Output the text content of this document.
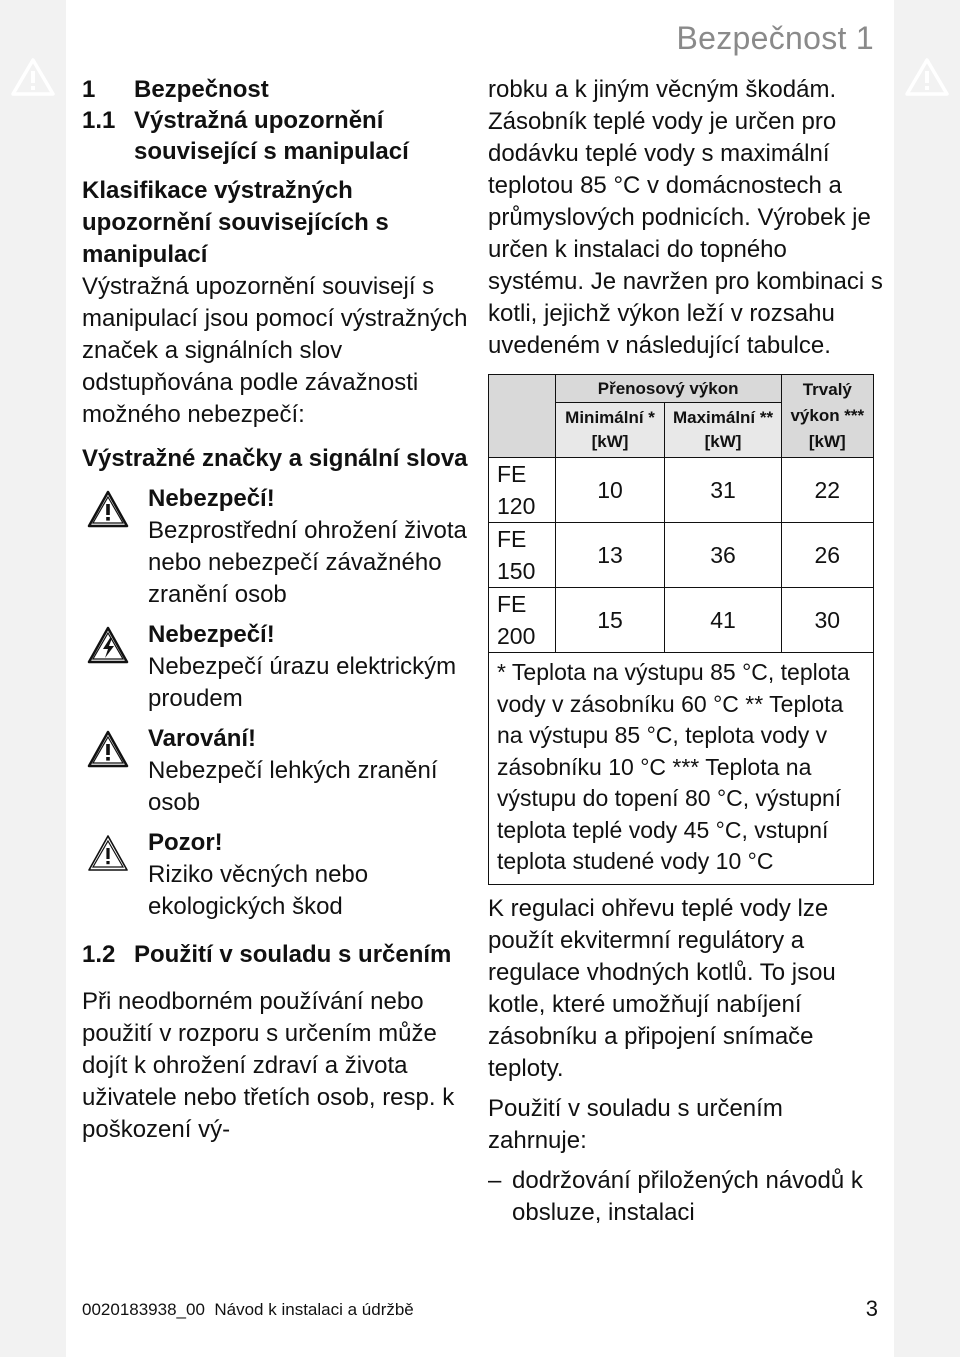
Bezpečnost 1
1	Bezpečnost
1.1 Výstražná upozornění související s manipulací

Klasifikace výstražných upozornění souvisejících s manipulací

Výstražná upozornění souvisejí s manipulací jsou pomocí výstražných značek a signálních slov odstupňována podle závažnosti možného nebezpečí:

Výstražné značky a signální slova

Nebezpečí!
Bezprostřední ohrožení života nebo nebezpečí závažného zranění osob
Nebezpečí!
Nebezpečí úrazu elektrickým proudem
Varování!
Nebezpečí lehkých zranění osob
Pozor!
Riziko věcných nebo ekologických škod
1.2 Použití v souladu s určením

Při neodborném používání nebo použití v rozporu s určením může dojít k ohrožení zdraví a života uživatele nebo třetích osob, resp. k poškození vý-

robku a k jiným věcným škodám.

Zásobník teplé vody je určen pro dodávku teplé vody s maximální teplotou 85 °C v domácnostech a průmyslových podnicích. Výrobek je určen k instalaci do topného systému. Je navržen pro kombinaci s kotli, jejichž výkon leží v rozsahu uvedeném v následující tabulce.

	Přenosový výkon		Trvalý výkon *** [kW]
	Minimální * [kW]	Maximální ** [kW]	
FE 120	10	31	22
FE 150	13	36	26
FE 200	15	41	30
* Teplota na výstupu 85 °C, teplota vody v zásobníku 60 °C ** Teplota na výstupu 85 °C, teplota vody v zásobníku 10 °C *** Teplota na výstupu do topení 80 °C, výstupní teplota teplé vody 45 °C, vstupní teplota studené vody 10 °C			

K regulaci ohřevu teplé vody lze použít ekvitermní regulátory a regulace vhodných kotlů. To jsou kotle, které umožňují nabíjení zásobníku a připojení snímače teploty.

Použití v souladu s určením zahrnuje:

– dodržování přiložených návodů k obsluze, instalaci
0020183938_00 Návod k instalaci a údržbě	3
